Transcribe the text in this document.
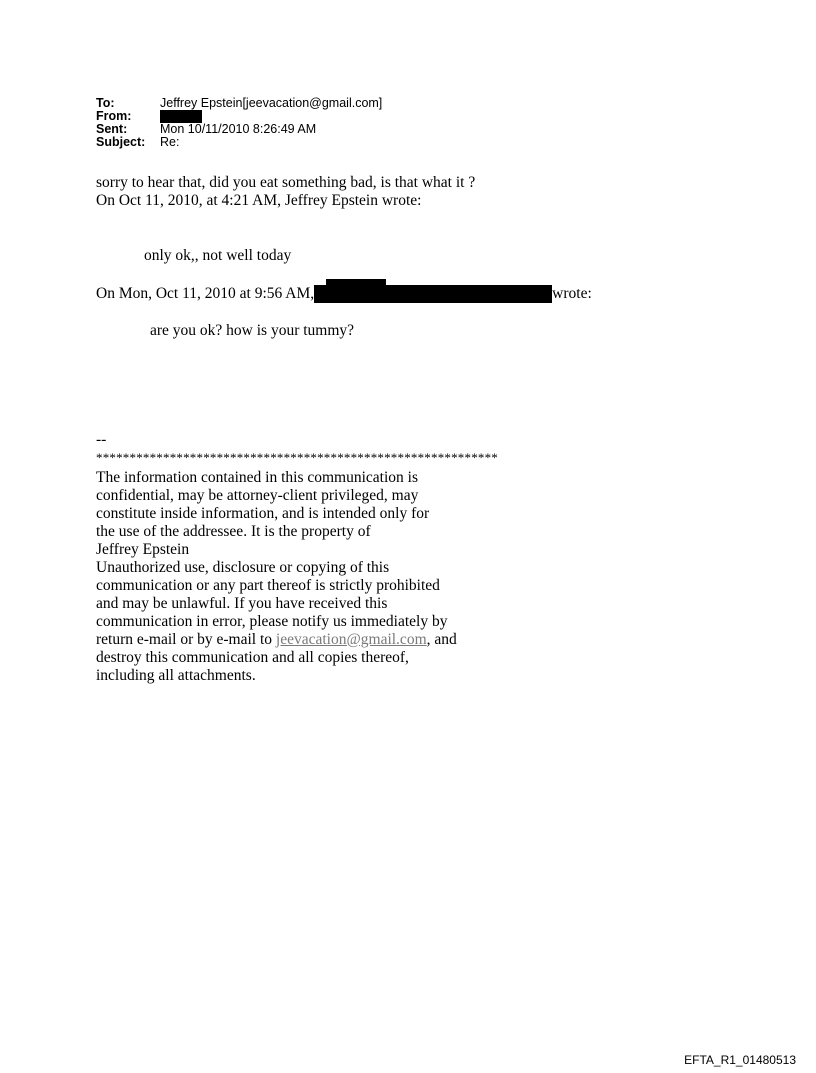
To:	Jeffrey Epstein[jeevacation@gmail.com]
From:	
Sent:	Mon 10/11/2010 8:26:49 AM
Subject:	Re:
sorry to hear that, did you eat something bad, is that what it ?
On Oct 11, 2010, at 4:21 AM, Jeffrey Epstein wrote:
only ok,, not well today
On Mon, Oct 11, 2010 at 9:56 AM,	wrote:
are you ok? how is your tummy?
--
************************************************************
The information contained in this communication is
confidential, may be attorney-client privileged, may
constitute inside information, and is intended only for
the use of the addressee. It is the property of
Jeffrey Epstein
Unauthorized use, disclosure or copying of this
communication or any part thereof is strictly prohibited
and may be unlawful. If you have received this
communication in error, please notify us immediately by
return e-mail or by e-mail to jeevacation@gmail.com, and
destroy this communication and all copies thereof,
including all attachments.
EFTA_R1_01480513
